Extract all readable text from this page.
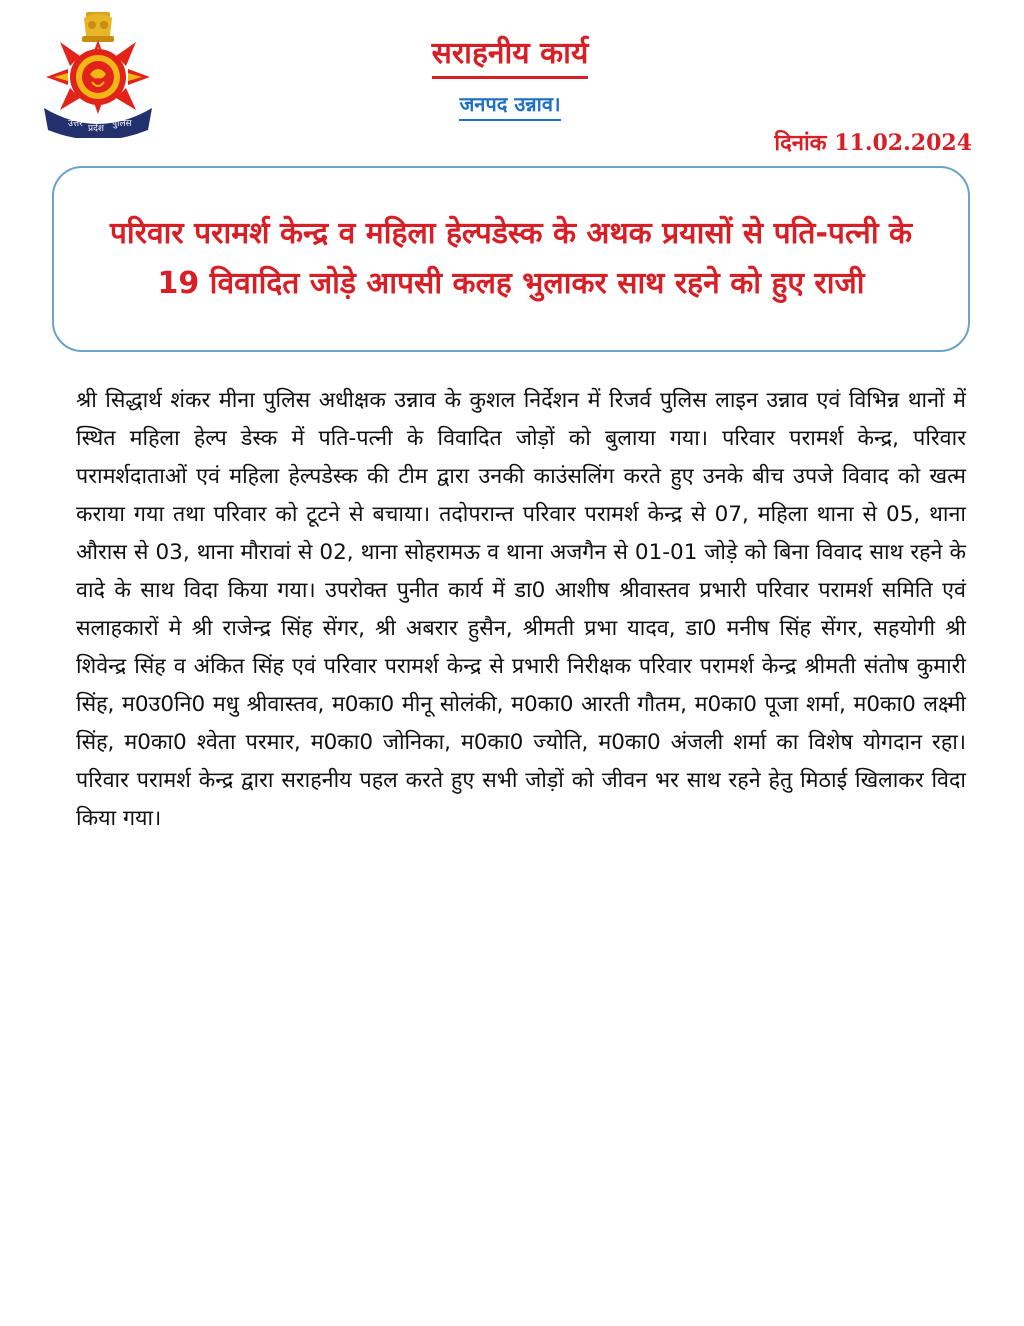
उत्तर प्रदेश पुलिस
सराहनीय कार्य
जनपद उन्नाव।
दिनांक 11.02.2024

परिवार परामर्श केन्द्र व महिला हेल्पडेस्क के अथक प्रयासों से पति-पत्नी के 19 विवादित जोड़े आपसी कलह भुलाकर साथ रहने को हुए राजी

श्री सिद्धार्थ शंकर मीना पुलिस अधीक्षक उन्नाव के कुशल निर्देशन में रिजर्व पुलिस लाइन उन्नाव एवं विभिन्न थानों में स्थित महिला हेल्प डेस्क में पति-पत्नी के विवादित जोड़ों को बुलाया गया। परिवार परामर्श केन्द्र, परिवार परामर्शदाताओं एवं महिला हेल्पडेस्क की टीम द्वारा उनकी काउंसलिंग करते हुए उनके बीच उपजे विवाद को खत्म कराया गया तथा परिवार को टूटने से बचाया। तदोपरान्त परिवार परामर्श केन्द्र से 07, महिला थाना से 05, थाना औरास से 03, थाना मौरावां से 02, थाना सोहरामऊ व थाना अजगैन से 01-01 जोड़े को बिना विवाद साथ रहने के वादे के साथ विदा किया गया। उपरोक्त पुनीत कार्य में डा0 आशीष श्रीवास्तव प्रभारी परिवार परामर्श समिति एवं सलाहकारों मे श्री राजेन्द्र सिंह सेंगर, श्री अबरार हुसैन, श्रीमती प्रभा यादव, डा0 मनीष सिंह सेंगर, सहयोगी श्री शिवेन्द्र सिंह व अंकित सिंह एवं परिवार परामर्श केन्द्र से प्रभारी निरीक्षक परिवार परामर्श केन्द्र श्रीमती संतोष कुमारी सिंह, म0उ0नि0 मधु श्रीवास्तव, म0का0 मीनू सोलंकी, म0का0 आरती गौतम, म0का0 पूजा शर्मा, म0का0 लक्ष्मी सिंह, म0का0 श्वेता परमार, म0का0 जोनिका, म0का0 ज्योति, म0का0 अंजली शर्मा का विशेष योगदान रहा। परिवार परामर्श केन्द्र द्वारा सराहनीय पहल करते हुए सभी जोड़ों को जीवन भर साथ रहने हेतु मिठाई खिलाकर विदा किया गया।
